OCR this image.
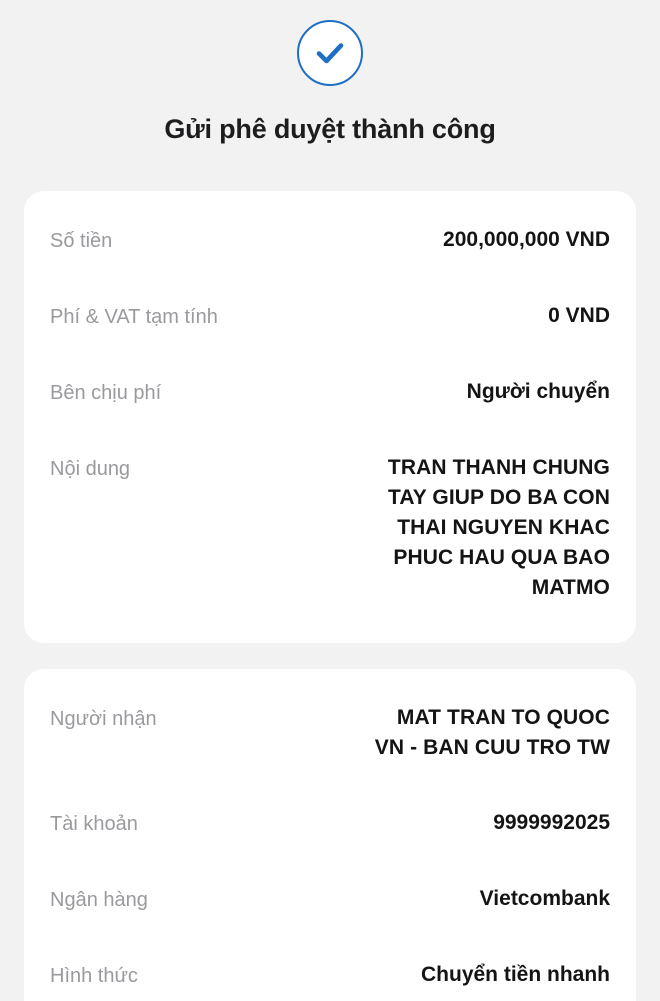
Gửi phê duyệt thành công
Số tiền	200,000,000 VND
Phí & VAT tạm tính	0 VND
Bên chịu phí	Người chuyển
Nội dung	TRAN THANH CHUNG
TAY GIUP DO BA CON
THAI NGUYEN KHAC
PHUC HAU QUA BAO
MATMO
Người nhận	MAT TRAN TO QUOC
VN - BAN CUU TRO TW
Tài khoản	9999992025
Ngân hàng	Vietcombank
Hình thức	Chuyển tiền nhanh
